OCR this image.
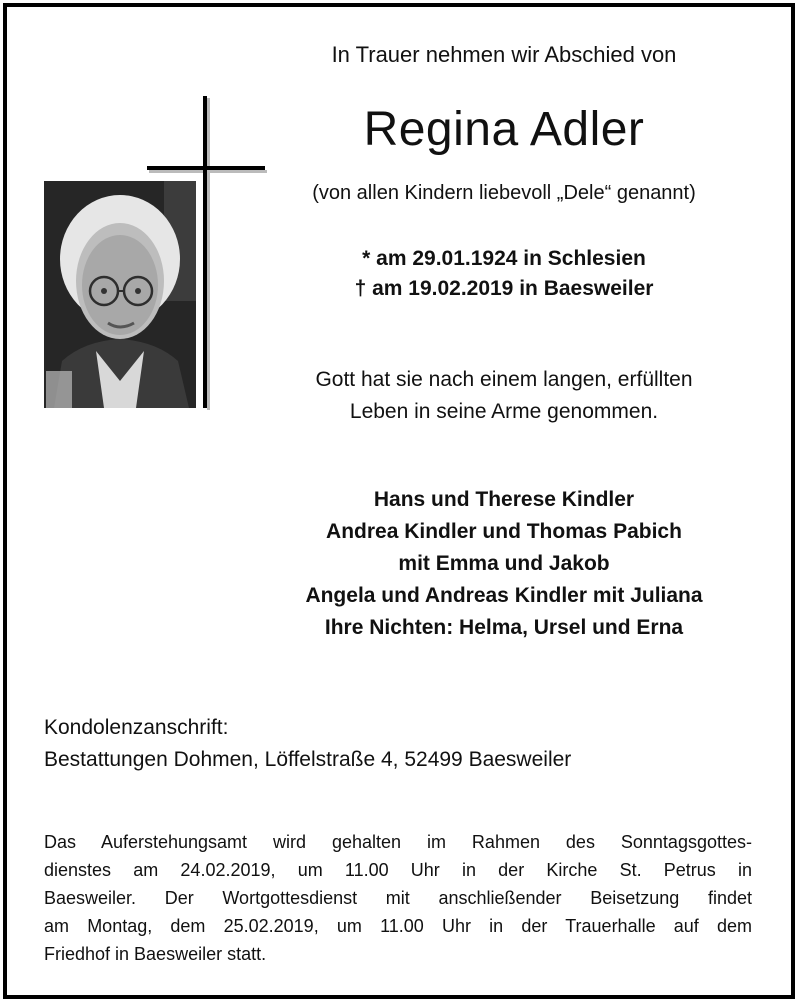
In Trauer nehmen wir Abschied von
Regina Adler
(von allen Kindern liebevoll „Dele“ genannt)
* am 29.01.1924 in Schlesien
† am 19.02.2019 in Baesweiler
Gott hat sie nach einem langen, erfüllten
Leben in seine Arme genommen.
Hans und Therese Kindler
Andrea Kindler und Thomas Pabich
mit Emma und Jakob
Angela und Andreas Kindler mit Juliana
Ihre Nichten: Helma, Ursel und Erna
Kondolenzanschrift:
Bestattungen Dohmen, Löffelstraße 4, 52499 Baesweiler
Das Auferstehungsamt wird gehalten im Rahmen des Sonntagsgottes-
dienstes am 24.02.2019, um 11.00 Uhr in der Kirche St. Petrus in
Baesweiler. Der Wortgottesdienst mit anschließender Beisetzung findet
am Montag, dem 25.02.2019, um 11.00 Uhr in der Trauerhalle auf dem
Friedhof in Baesweiler statt.
